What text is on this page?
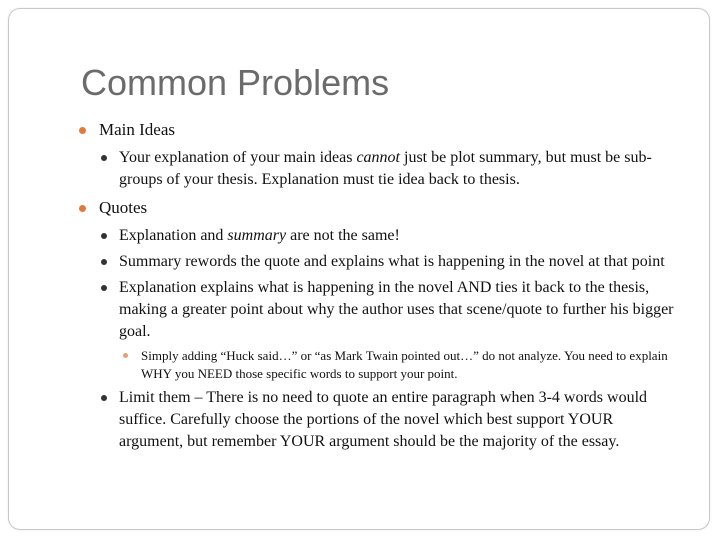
Common Problems
Main Ideas
Your explanation of your main ideas cannot just be plot summary, but must be sub-groups of your thesis. Explanation must tie idea back to thesis.
Quotes
Explanation and summary are not the same!
Summary rewords the quote and explains what is happening in the novel at that point
Explanation explains what is happening in the novel AND ties it back to the thesis, making a greater point about why the author uses that scene/quote to further his bigger goal.
Simply adding “Huck said…” or “as Mark Twain pointed out…” do not analyze. You need to explain WHY you NEED those specific words to support your point.
Limit them – There is no need to quote an entire paragraph when 3-4 words would suffice. Carefully choose the portions of the novel which best support YOUR argument, but remember YOUR argument should be the majority of the essay.
